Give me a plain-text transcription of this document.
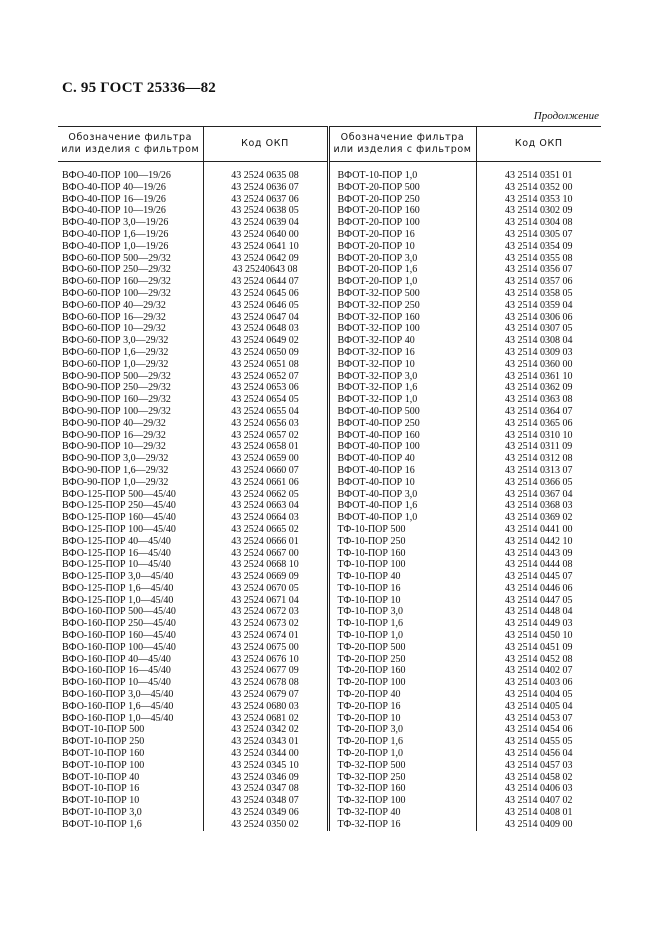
С. 95 ГОСТ 25336—82
Продолжение
Обозначение фильтра или изделия с фильтром	Код ОКП	Обозначение фильтра или изделия с фильтром	Код ОКП
ВФО-40-ПОР 100—19/26	43 2524 0635 08	ВФОТ-10-ПОР 1,0	43 2514 0351 01
ВФО-40-ПОР 40—19/26	43 2524 0636 07	ВФОТ-20-ПОР 500	43 2514 0352 00
ВФО-40-ПОР 16—19/26	43 2524 0637 06	ВФОТ-20-ПОР 250	43 2514 0353 10
ВФО-40-ПОР 10—19/26	43 2524 0638 05	ВФОТ-20-ПОР 160	43 2514 0302 09
ВФО-40-ПОР 3,0—19/26	43 2524 0639 04	ВФОТ-20-ПОР 100	43 2514 0304 08
ВФО-40-ПОР 1,6—19/26	43 2524 0640 00	ВФОТ-20-ПОР 16	43 2514 0305 07
ВФО-40-ПОР 1,0—19/26	43 2524 0641 10	ВФОТ-20-ПОР 10	43 2514 0354 09
ВФО-60-ПОР 500—29/32	43 2524 0642 09	ВФОТ-20-ПОР 3,0	43 2514 0355 08
ВФО-60-ПОР 250—29/32	43 25240643 08	ВФОТ-20-ПОР 1,6	43 2514 0356 07
ВФО-60-ПОР 160—29/32	43 2524 0644 07	ВФОТ-20-ПОР 1,0	43 2514 0357 06
ВФО-60-ПОР 100—29/32	43 2524 0645 06	ВФОТ-32-ПОР 500	43 2514 0358 05
ВФО-60-ПОР 40—29/32	43 2524 0646 05	ВФОТ-32-ПОР 250	43 2514 0359 04
ВФО-60-ПОР 16—29/32	43 2524 0647 04	ВФОТ-32-ПОР 160	43 2514 0306 06
ВФО-60-ПОР 10—29/32	43 2524 0648 03	ВФОТ-32-ПОР 100	43 2514 0307 05
ВФО-60-ПОР 3,0—29/32	43 2524 0649 02	ВФОТ-32-ПОР 40	43 2514 0308 04
ВФО-60-ПОР 1,6—29/32	43 2524 0650 09	ВФОТ-32-ПОР 16	43 2514 0309 03
ВФО-60-ПОР 1,0—29/32	43 2524 0651 08	ВФОТ-32-ПОР 10	43 2514 0360 00
ВФО-90-ПОР 500—29/32	43 2524 0652 07	ВФОТ-32-ПОР 3,0	43 2514 0361 10
ВФО-90-ПОР 250—29/32	43 2524 0653 06	ВФОТ-32-ПОР 1,6	43 2514 0362 09
ВФО-90-ПОР 160—29/32	43 2524 0654 05	ВФОТ-32-ПОР 1,0	43 2514 0363 08
ВФО-90-ПОР 100—29/32	43 2524 0655 04	ВФОТ-40-ПОР 500	43 2514 0364 07
ВФО-90-ПОР 40—29/32	43 2524 0656 03	ВФОТ-40-ПОР 250	43 2514 0365 06
ВФО-90-ПОР 16—29/32	43 2524 0657 02	ВФОТ-40-ПОР 160	43 2514 0310 10
ВФО-90-ПОР 10—29/32	43 2524 0658 01	ВФОТ-40-ПОР 100	43 2514 0311 09
ВФО-90-ПОР 3,0—29/32	43 2524 0659 00	ВФОТ-40-ПОР 40	43 2514 0312 08
ВФО-90-ПОР 1,6—29/32	43 2524 0660 07	ВФОТ-40-ПОР 16	43 2514 0313 07
ВФО-90-ПОР 1,0—29/32	43 2524 0661 06	ВФОТ-40-ПОР 10	43 2514 0366 05
ВФО-125-ПОР 500—45/40	43 2524 0662 05	ВФОТ-40-ПОР 3,0	43 2514 0367 04
ВФО-125-ПОР 250—45/40	43 2524 0663 04	ВФОТ-40-ПОР 1,6	43 2514 0368 03
ВФО-125-ПОР 160—45/40	43 2524 0664 03	ВФОТ-40-ПОР 1,0	43 2514 0369 02
ВФО-125-ПОР 100—45/40	43 2524 0665 02	ТФ-10-ПОР 500	43 2514 0441 00
ВФО-125-ПОР 40—45/40	43 2524 0666 01	ТФ-10-ПОР 250	43 2514 0442 10
ВФО-125-ПОР 16—45/40	43 2524 0667 00	ТФ-10-ПОР 160	43 2514 0443 09
ВФО-125-ПОР 10—45/40	43 2524 0668 10	ТФ-10-ПОР 100	43 2514 0444 08
ВФО-125-ПОР 3,0—45/40	43 2524 0669 09	ТФ-10-ПОР 40	43 2514 0445 07
ВФО-125-ПОР 1,6—45/40	43 2524 0670 05	ТФ-10-ПОР 16	43 2514 0446 06
ВФО-125-ПОР 1,0—45/40	43 2524 0671 04	ТФ-10-ПОР 10	43 2514 0447 05
ВФО-160-ПОР 500—45/40	43 2524 0672 03	ТФ-10-ПОР 3,0	43 2514 0448 04
ВФО-160-ПОР 250—45/40	43 2524 0673 02	ТФ-10-ПОР 1,6	43 2514 0449 03
ВФО-160-ПОР 160—45/40	43 2524 0674 01	ТФ-10-ПОР 1,0	43 2514 0450 10
ВФО-160-ПОР 100—45/40	43 2524 0675 00	ТФ-20-ПОР 500	43 2514 0451 09
ВФО-160-ПОР 40—45/40	43 2524 0676 10	ТФ-20-ПОР 250	43 2514 0452 08
ВФО-160-ПОР 16—45/40	43 2524 0677 09	ТФ-20-ПОР 160	43 2514 0402 07
ВФО-160-ПОР 10—45/40	43 2524 0678 08	ТФ-20-ПОР 100	43 2514 0403 06
ВФО-160-ПОР 3,0—45/40	43 2524 0679 07	ТФ-20-ПОР 40	43 2514 0404 05
ВФО-160-ПОР 1,6—45/40	43 2524 0680 03	ТФ-20-ПОР 16	43 2514 0405 04
ВФО-160-ПОР 1,0—45/40	43 2524 0681 02	ТФ-20-ПОР 10	43 2514 0453 07
ВФОТ-10-ПОР 500	43 2524 0342 02	ТФ-20-ПОР 3,0	43 2514 0454 06
ВФОТ-10-ПОР 250	43 2524 0343 01	ТФ-20-ПОР 1,6	43 2514 0455 05
ВФОТ-10-ПОР 160	43 2524 0344 00	ТФ-20-ПОР 1,0	43 2514 0456 04
ВФОТ-10-ПОР 100	43 2524 0345 10	ТФ-32-ПОР 500	43 2514 0457 03
ВФОТ-10-ПОР 40	43 2524 0346 09	ТФ-32-ПОР 250	43 2514 0458 02
ВФОТ-10-ПОР 16	43 2524 0347 08	ТФ-32-ПОР 160	43 2514 0406 03
ВФОТ-10-ПОР 10	43 2524 0348 07	ТФ-32-ПОР 100	43 2514 0407 02
ВФОТ-10-ПОР 3,0	43 2524 0349 06	ТФ-32-ПОР 40	43 2514 0408 01
ВФОТ-10-ПОР 1,6	43 2524 0350 02	ТФ-32-ПОР 16	43 2514 0409 00
